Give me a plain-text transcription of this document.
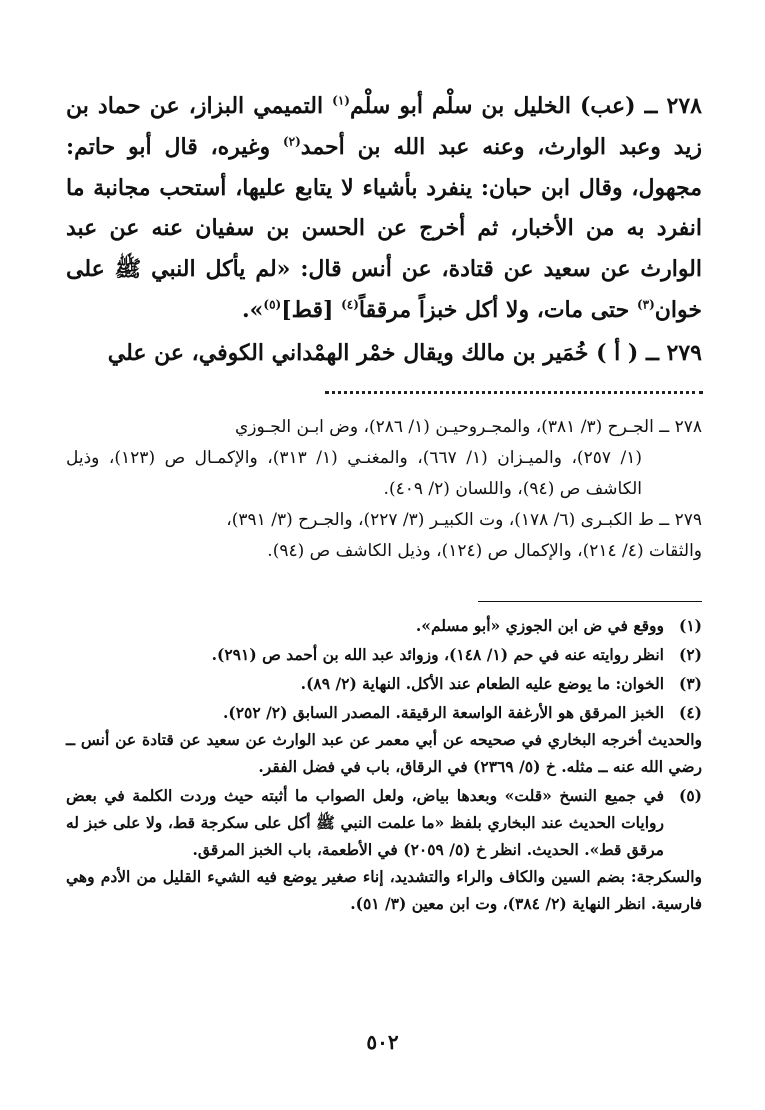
٢٧٨ ــ (عب) الخليل بن سلْم أبو سلْم$^{(١)}$ التميمي البزاز، عن حماد بن زيد وعبد الوارث، وعنه عبد الله بن أحمد$^{(٢)}$ وغيره، قال أبو حاتم: مجهول، وقال ابن حبان: ينفرد بأشياء لا يتابع عليها، أستحب مجانبة ما انفرد به من الأخبار، ثم أخرج عن الحسن بن سفيان عنه عن عبد الوارث عن سعيد عن قتادة، عن أنس قال: «لم يأكل النبي ﷺ على خوان$^{(٣)}$ حتى مات، ولا أكل خبزاً مرققاً$^{(٤)}$ [قط]$^{(٥)}$».

٢٧٩ ــ ( أ ) خُمَير بن مالك ويقال خمْر الهمْداني الكوفي، عن علي

٢٧٨ ــ الجـرح (٣/ ٣٨١)، والمجـروحيـن (١/ ٢٨٦)، وض ابـن الجـوزي

(١/ ٢٥٧)، والميـزان (١/ ٦٦٧)، والمغنـي (١/ ٣١٣)، والإكمـال ص (١٢٣)، وذيل الكاشف ص (٩٤)، واللسان (٢/ ٤٠٩).

٢٧٩ ــ ط الكبـرى (٦/ ١٧٨)، وت الكبيـر (٣/ ٢٢٧)، والجـرح (٣/ ٣٩١)،

والثقات (٤/ ٢١٤)، والإكمال ص (١٢٤)، وذيل الكاشف ص (٩٤).

(١)

ووقع في ض ابن الجوزي «أبو مسلم».

(٢)

انظر روايته عنه في حم (١/ ١٤٨)، وزوائد عبد الله بن أحمد ص (٢٩١).

(٣)

الخوان: ما يوضع عليه الطعام عند الأكل. النهاية (٢/ ٨٩).

(٤)

الخبز المرقق هو الأرغفة الواسعة الرقيقة. المصدر السابق (٢/ ٢٥٢).

والحديث أخرجه البخاري في صحيحه عن أبي معمر عن عبد الوارث عن سعيد عن قتادة عن أنس ــ رضي الله عنه ــ مثله. خ (٥/ ٢٣٦٩) في الرقاق، باب في فضل الفقر.

(٥)

في جميع النسخ «قلت» وبعدها بياض، ولعل الصواب ما أثبته حيث وردت الكلمة في بعض روايات الحديث عند البخاري بلفظ «ما علمت النبي ﷺ أكل على سكرجة قط، ولا على خبز له مرقق قط». الحديث. انظر خ (٥/ ٢٠٥٩) في الأطعمة، باب الخبز المرقق.

والسكرجة: بضم السين والكاف والراء والتشديد، إناء صغير يوضع فيه الشيء القليل من الأدم وهي فارسية. انظر النهاية (٢/ ٣٨٤)، وت ابن معين (٣/ ٥١).

٥٠٢
